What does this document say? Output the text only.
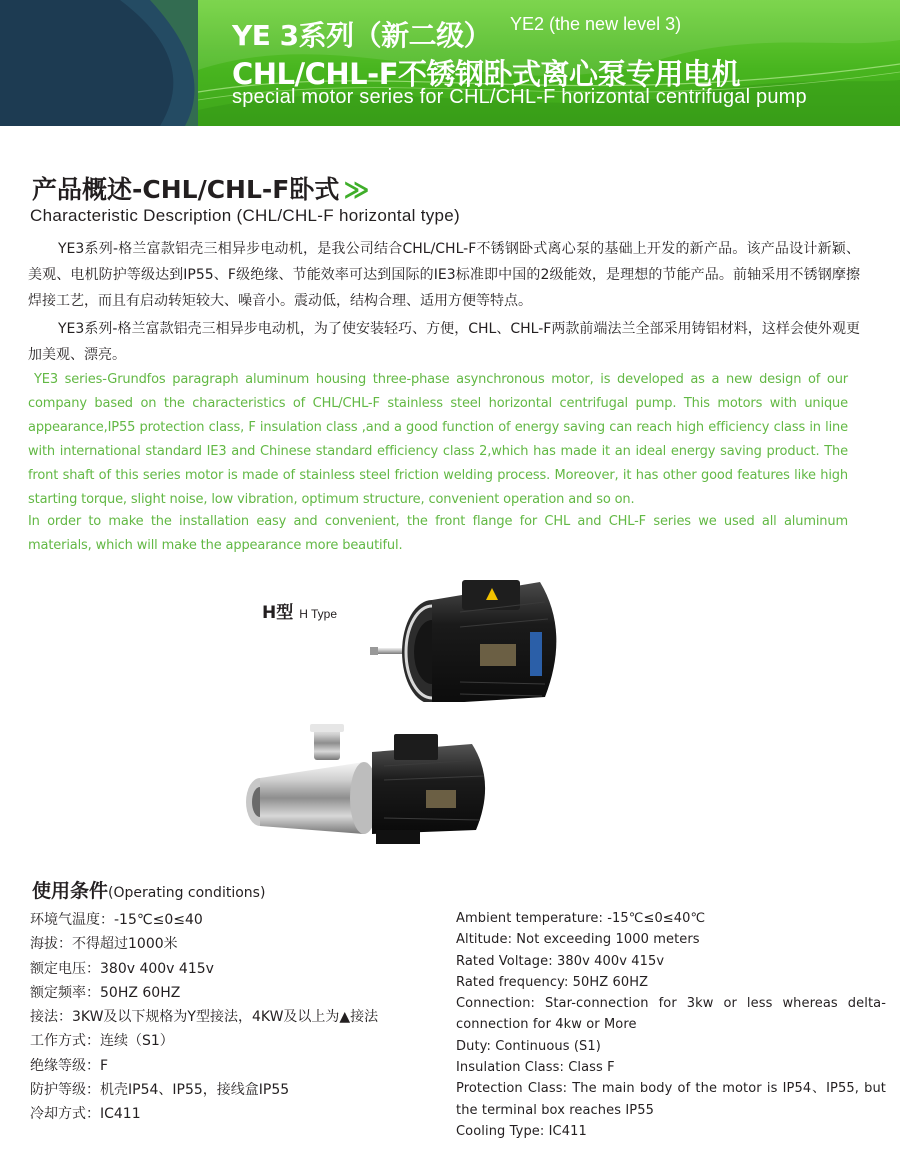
YE 3系列（新二级） YE2 (the new level 3)
CHL/CHL-F不锈钢卧式离心泵专用电机
special motor series for CHL/CHL-F horizontal centrifugal pump
产品概述-CHL/CHL-F卧式 ≫
Characteristic Description (CHL/CHL-F horizontal type)

YE3系列-格兰富款铝壳三相异步电动机，是我公司结合CHL/CHL-F不锈钢卧式离心泵的基础上开发的新产品。该产品设计新颖、美观、电机防护等级达到IP55、F级绝缘、节能效率可达到国际的IE3标准即中国的2级能效，是理想的节能产品。前轴采用不锈钢摩擦焊接工艺，而且有启动转矩较大、噪音小。震动低，结构合理、适用方便等特点。

YE3系列-格兰富款铝壳三相异步电动机，为了使安装轻巧、方便，CHL、CHL-F两款前端法兰全部采用铸铝材料，这样会使外观更加美观、漂亮。

YE3 series-Grundfos paragraph aluminum housing three-phase asynchronous motor, is developed as a new design of our company based on the characteristics of CHL/CHL-F stainless steel horizontal centrifugal pump. This motors with unique appearance,IP55 protection class, F insulation class ,and a good function of energy saving can reach high efficiency class in line with international standard IE3 and Chinese standard efficiency class 2,which has made it an ideal energy saving product. The front shaft of this series motor is made of stainless steel friction welding process. Moreover, it has other good features like high starting torque, slight noise, low vibration, optimum structure, convenient operation and so on.

In order to make the installation easy and convenient, the front flange for CHL and CHL-F series we used all aluminum materials, which will make the appearance more beautiful.

H型 H Type
使用条件(Operating conditions)
环境气温度：-15℃≤0≤40
海拔：不得超过1000米
额定电压：380v 400v 415v
额定频率：50HZ 60HZ
接法：3KW及以下规格为Y型接法，4KW及以上为▲接法
工作方式：连续（S1）
绝缘等级：F
防护等级：机壳IP54、IP55，接线盒IP55
冷却方式：IC411
Ambient temperature: -15℃≤0≤40℃
Altitude: Not exceeding 1000 meters
Rated Voltage: 380v 400v 415v
Rated frequency: 50HZ 60HZ
Connection: Star-connection for 3kw or less whereas delta-connection for 4kw or More
Duty: Continuous (S1)
Insulation Class: Class F
Protection Class: The main body of the motor is IP54、IP55, but the terminal box reaches IP55
Cooling Type: IC411
